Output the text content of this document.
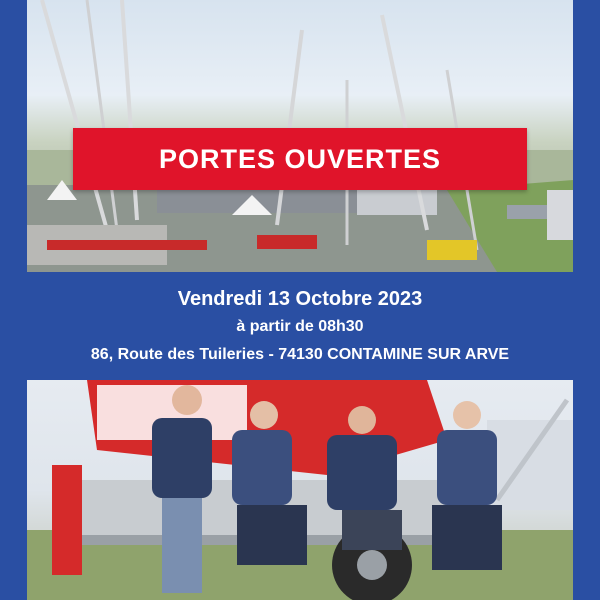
PORTES OUVERTES
Vendredi 13 Octobre 2023
à partir de 08h30
86, Route des Tuileries - 74130 CONTAMINE SUR ARVE
